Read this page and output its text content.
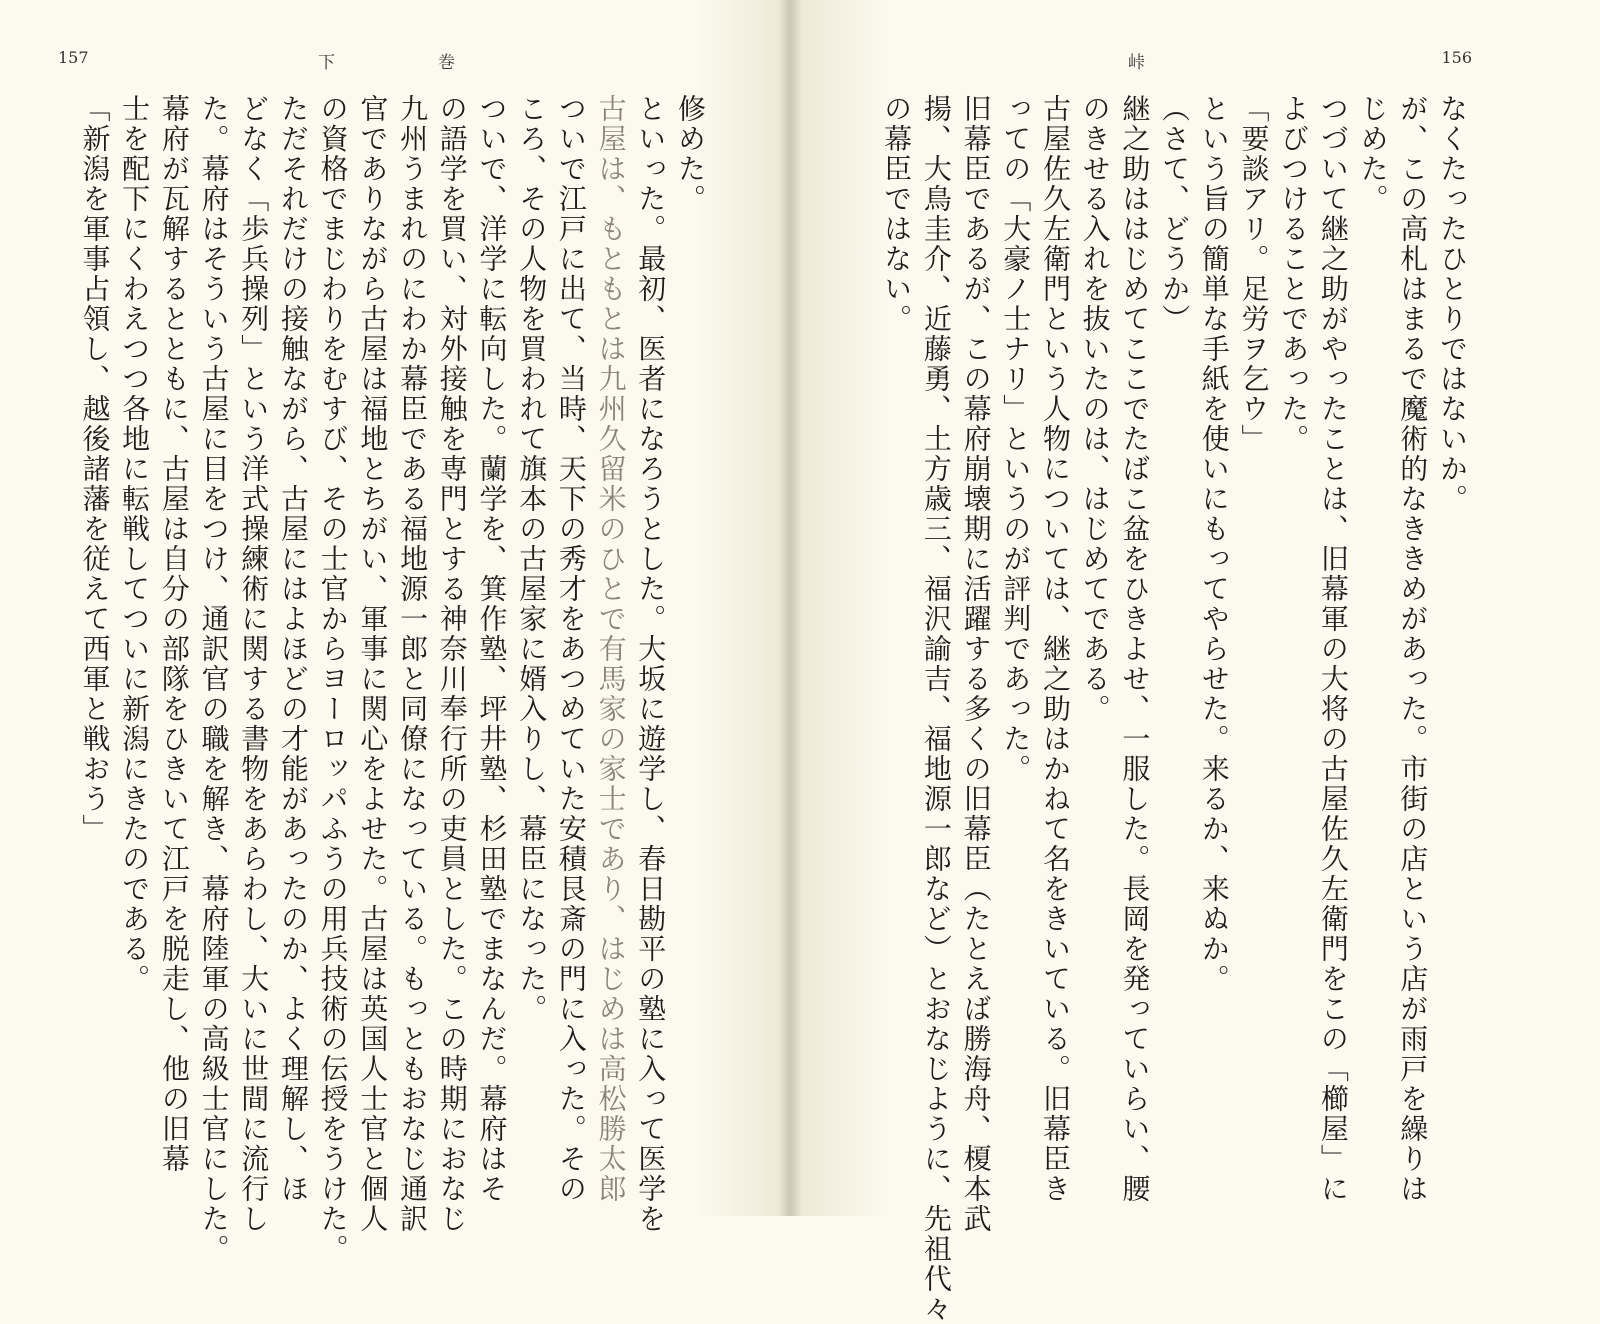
157	下	巻

修めた。

といった。最初、医者になろうとした。大坂に遊学し、春日勘平の塾に入って医学を

古屋は、もともとは九州久留米のひとで有馬家の家士であり、はじめは高松勝太郎

ついで江戸に出て、当時、天下の秀才をあつめていた安積艮斎の門に入った。その

ころ、その人物を買われて旗本の古屋家に婿入りし、幕臣になった。

ついで、洋学に転向した。蘭学を、箕作塾、坪井塾、杉田塾でまなんだ。幕府はそ

の語学を買い、対外接触を専門とする神奈川奉行所の吏員とした。この時期におなじ

九州うまれのにわか幕臣である福地源一郎と同僚になっている。もっともおなじ通訳

官でありながら古屋は福地とちがい、軍事に関心をよせた。古屋は英国人士官と個人

の資格でまじわりをむすび、その士官からヨーロッパふうの用兵技術の伝授をうけた。

ただそれだけの接触ながら、古屋にはよほどの才能があったのか、よく理解し、ほ

どなく「歩兵操列」という洋式操練術に関する書物をあらわし、大いに世間に流行し

た。幕府はそういう古屋に目をつけ、通訳官の職を解き、幕府陸軍の高級士官にした。

幕府が瓦解するとともに、古屋は自分の部隊をひきいて江戸を脱走し、他の旧幕

士を配下にくわえつつ各地に転戦してついに新潟にきたのである。

「新潟を軍事占領し、越後諸藩を従えて西軍と戦おう」

峠	156

なくたったひとりではないか。

が、この高札はまるで魔術的なききめがあった。市街の店という店が雨戸を繰りは

じめた。

つづいて継之助がやったことは、旧幕軍の大将の古屋佐久左衛門をこの「櫛屋」に

よびつけることであった。

「要談アリ。足労ヲ乞ウ」

という旨の簡単な手紙を使いにもってやらせた。来るか、来ぬか。

（さて、どうか）

継之助ははじめてここでたばこ盆をひきよせ、一服した。長岡を発っていらい、腰

のきせる入れを抜いたのは、はじめてである。

古屋佐久左衛門という人物については、継之助はかねて名をきいている。旧幕臣き

っての「大豪ノ士ナリ」というのが評判であった。

旧幕臣であるが、この幕府崩壊期に活躍する多くの旧幕臣（たとえば勝海舟、榎本武

揚、大鳥圭介、近藤勇、土方歳三、福沢諭吉、福地源一郎など）とおなじように、先祖代々

の幕臣ではない。
